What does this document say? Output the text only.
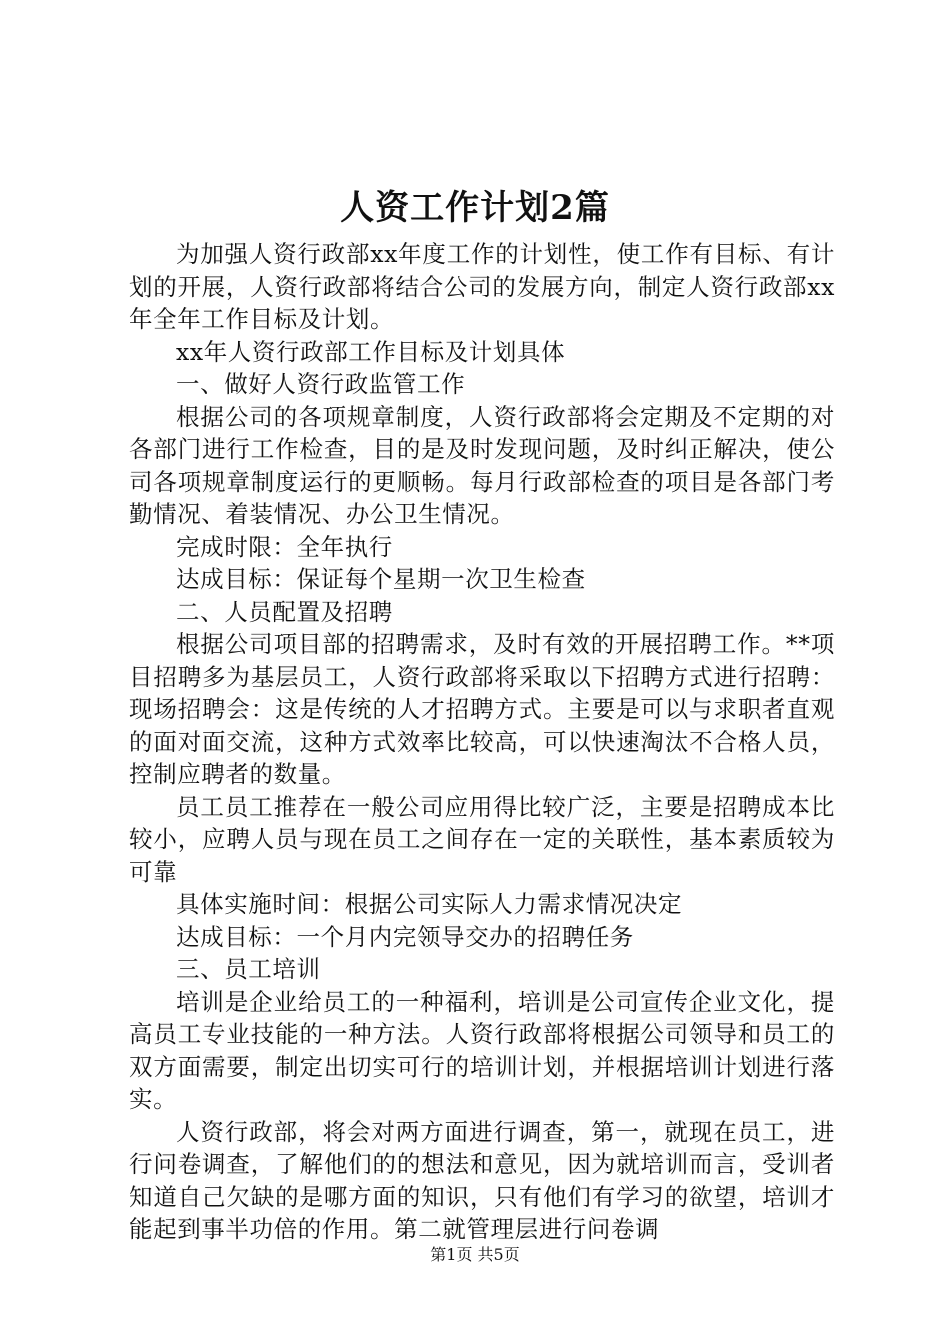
人资工作计划2篇

为加强人资行政部xx年度工作的计划性，使工作有目标、有计划的开展，人资行政部将结合公司的发展方向，制定人资行政部xx年全年工作目标及计划。

xx年人资行政部工作目标及计划具体

一、做好人资行政监管工作

根据公司的各项规章制度，人资行政部将会定期及不定期的对各部门进行工作检查，目的是及时发现问题，及时纠正解决，使公司各项规章制度运行的更顺畅。每月行政部检查的项目是各部门考勤情况、着装情况、办公卫生情况。

完成时限：全年执行

达成目标：保证每个星期一次卫生检查

二、人员配置及招聘

根据公司项目部的招聘需求，及时有效的开展招聘工作。**项目招聘多为基层员工，人资行政部将采取以下招聘方式进行招聘：现场招聘会：这是传统的人才招聘方式。主要是可以与求职者直观的面对面交流，这种方式效率比较高，可以快速淘汰不合格人员，控制应聘者的数量。

员工员工推荐在一般公司应用得比较广泛，主要是招聘成本比较小，应聘人员与现在员工之间存在一定的关联性，基本素质较为可靠

具体实施时间：根据公司实际人力需求情况决定

达成目标：一个月内完领导交办的招聘任务

三、员工培训

培训是企业给员工的一种福利，培训是公司宣传企业文化，提高员工专业技能的一种方法。人资行政部将根据公司领导和员工的双方面需要，制定出切实可行的培训计划，并根据培训计划进行落实。

人资行政部，将会对两方面进行调查，第一，就现在员工，进行问卷调查，了解他们的的想法和意见，因为就培训而言，受训者知道自己欠缺的是哪方面的知识，只有他们有学习的欲望，培训才能起到事半功倍的作用。第二就管理层进行问卷调

第1页 共5页
